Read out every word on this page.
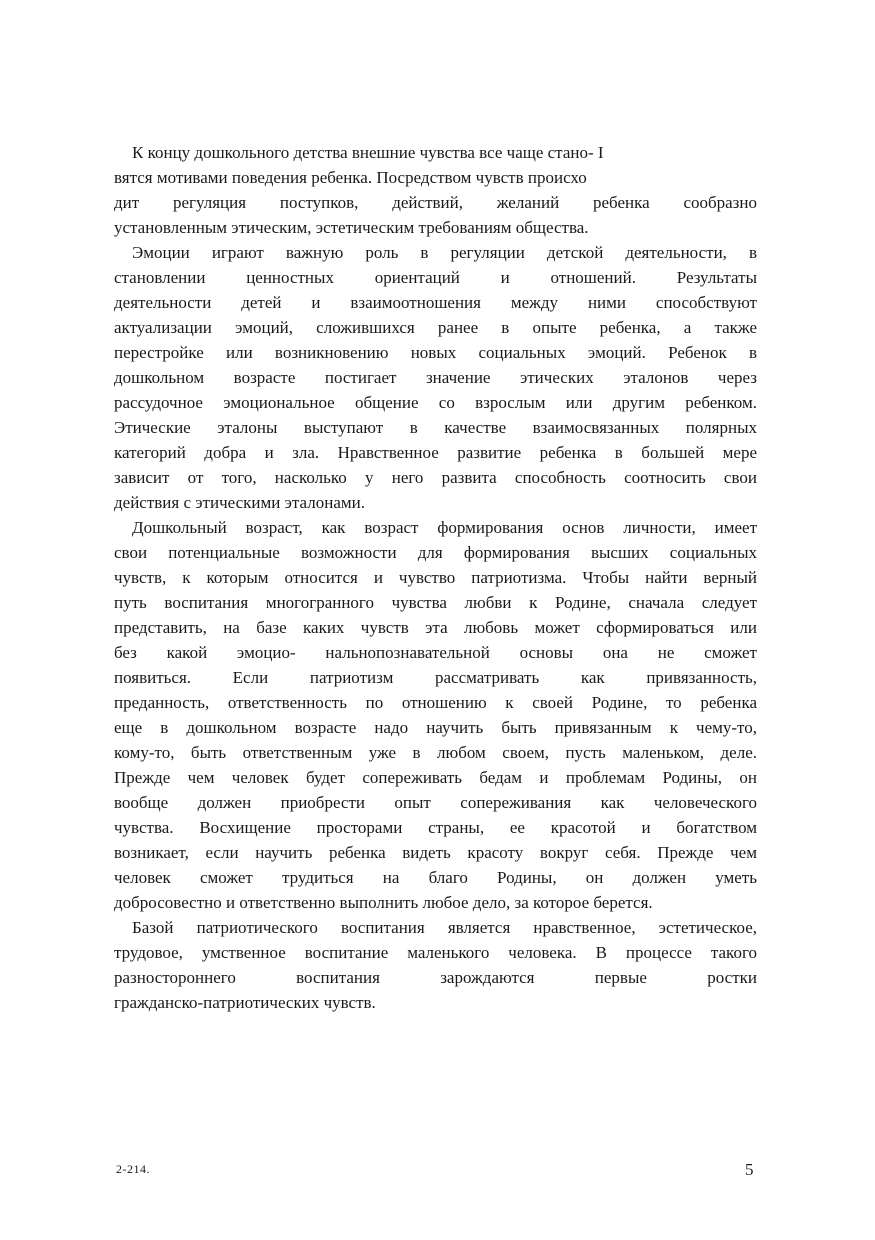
К концу дошкольного детства внешние чувства все чаще стано- I
вятся мотивами поведения ребенка. Посредством чувств происхо
дит регуляция поступков, действий, желаний ребенка сообразно
установленным этическим, эстетическим требованиям общества.
Эмоции играют важную роль в регуляции детской деятельности, в
становлении ценностных ориентаций и отношений. Результаты
деятельности детей и взаимоотношения между ними способствуют
актуализации эмоций, сложившихся ранее в опыте ребенка, а также
перестройке или возникновению новых социальных эмоций. Ребенок в
дошкольном возрасте постигает значение этических эталонов через
рассудочное эмоциональное общение со взрослым или другим ребенком.
Этические эталоны выступают в качестве взаимосвязанных полярных
категорий добра и зла. Нравственное развитие ребенка в большей мере
зависит от того, насколько у него развита способность соотносить свои
действия с этическими эталонами.
Дошкольный возраст, как возраст формирования основ личности, имеет
свои потенциальные возможности для формирования высших социальных
чувств, к которым относится и чувство патриотизма. Чтобы найти верный
путь воспитания многогранного чувства любви к Родине, сначала следует
представить, на базе каких чувств эта любовь может сформироваться или
без какой эмоцио- нальнопознавательной основы она не сможет
появиться. Если патриотизм рассматривать как привязанность,
преданность, ответственность по отношению к своей Родине, то ребенка
еще в дошкольном возрасте надо научить быть привязанным к чему-то,
кому-то, быть ответственным уже в любом своем, пусть маленьком, деле.
Прежде чем человек будет сопереживать бедам и проблемам Родины, он
вообще должен приобрести опыт сопереживания как человеческого
чувства. Восхищение просторами страны, ее красотой и богатством
возникает, если научить ребенка видеть красоту вокруг себя. Прежде чем
человек сможет трудиться на благо Родины, он должен уметь
добросовестно и ответственно выполнить любое дело, за которое берется.
Базой патриотического воспитания является нравственное, эстетическое,
трудовое, умственное воспитание маленького человека. В процессе такого
разностороннего воспитания зарождаются первые ростки
гражданско-патриотических чувств.
2-214.	5
